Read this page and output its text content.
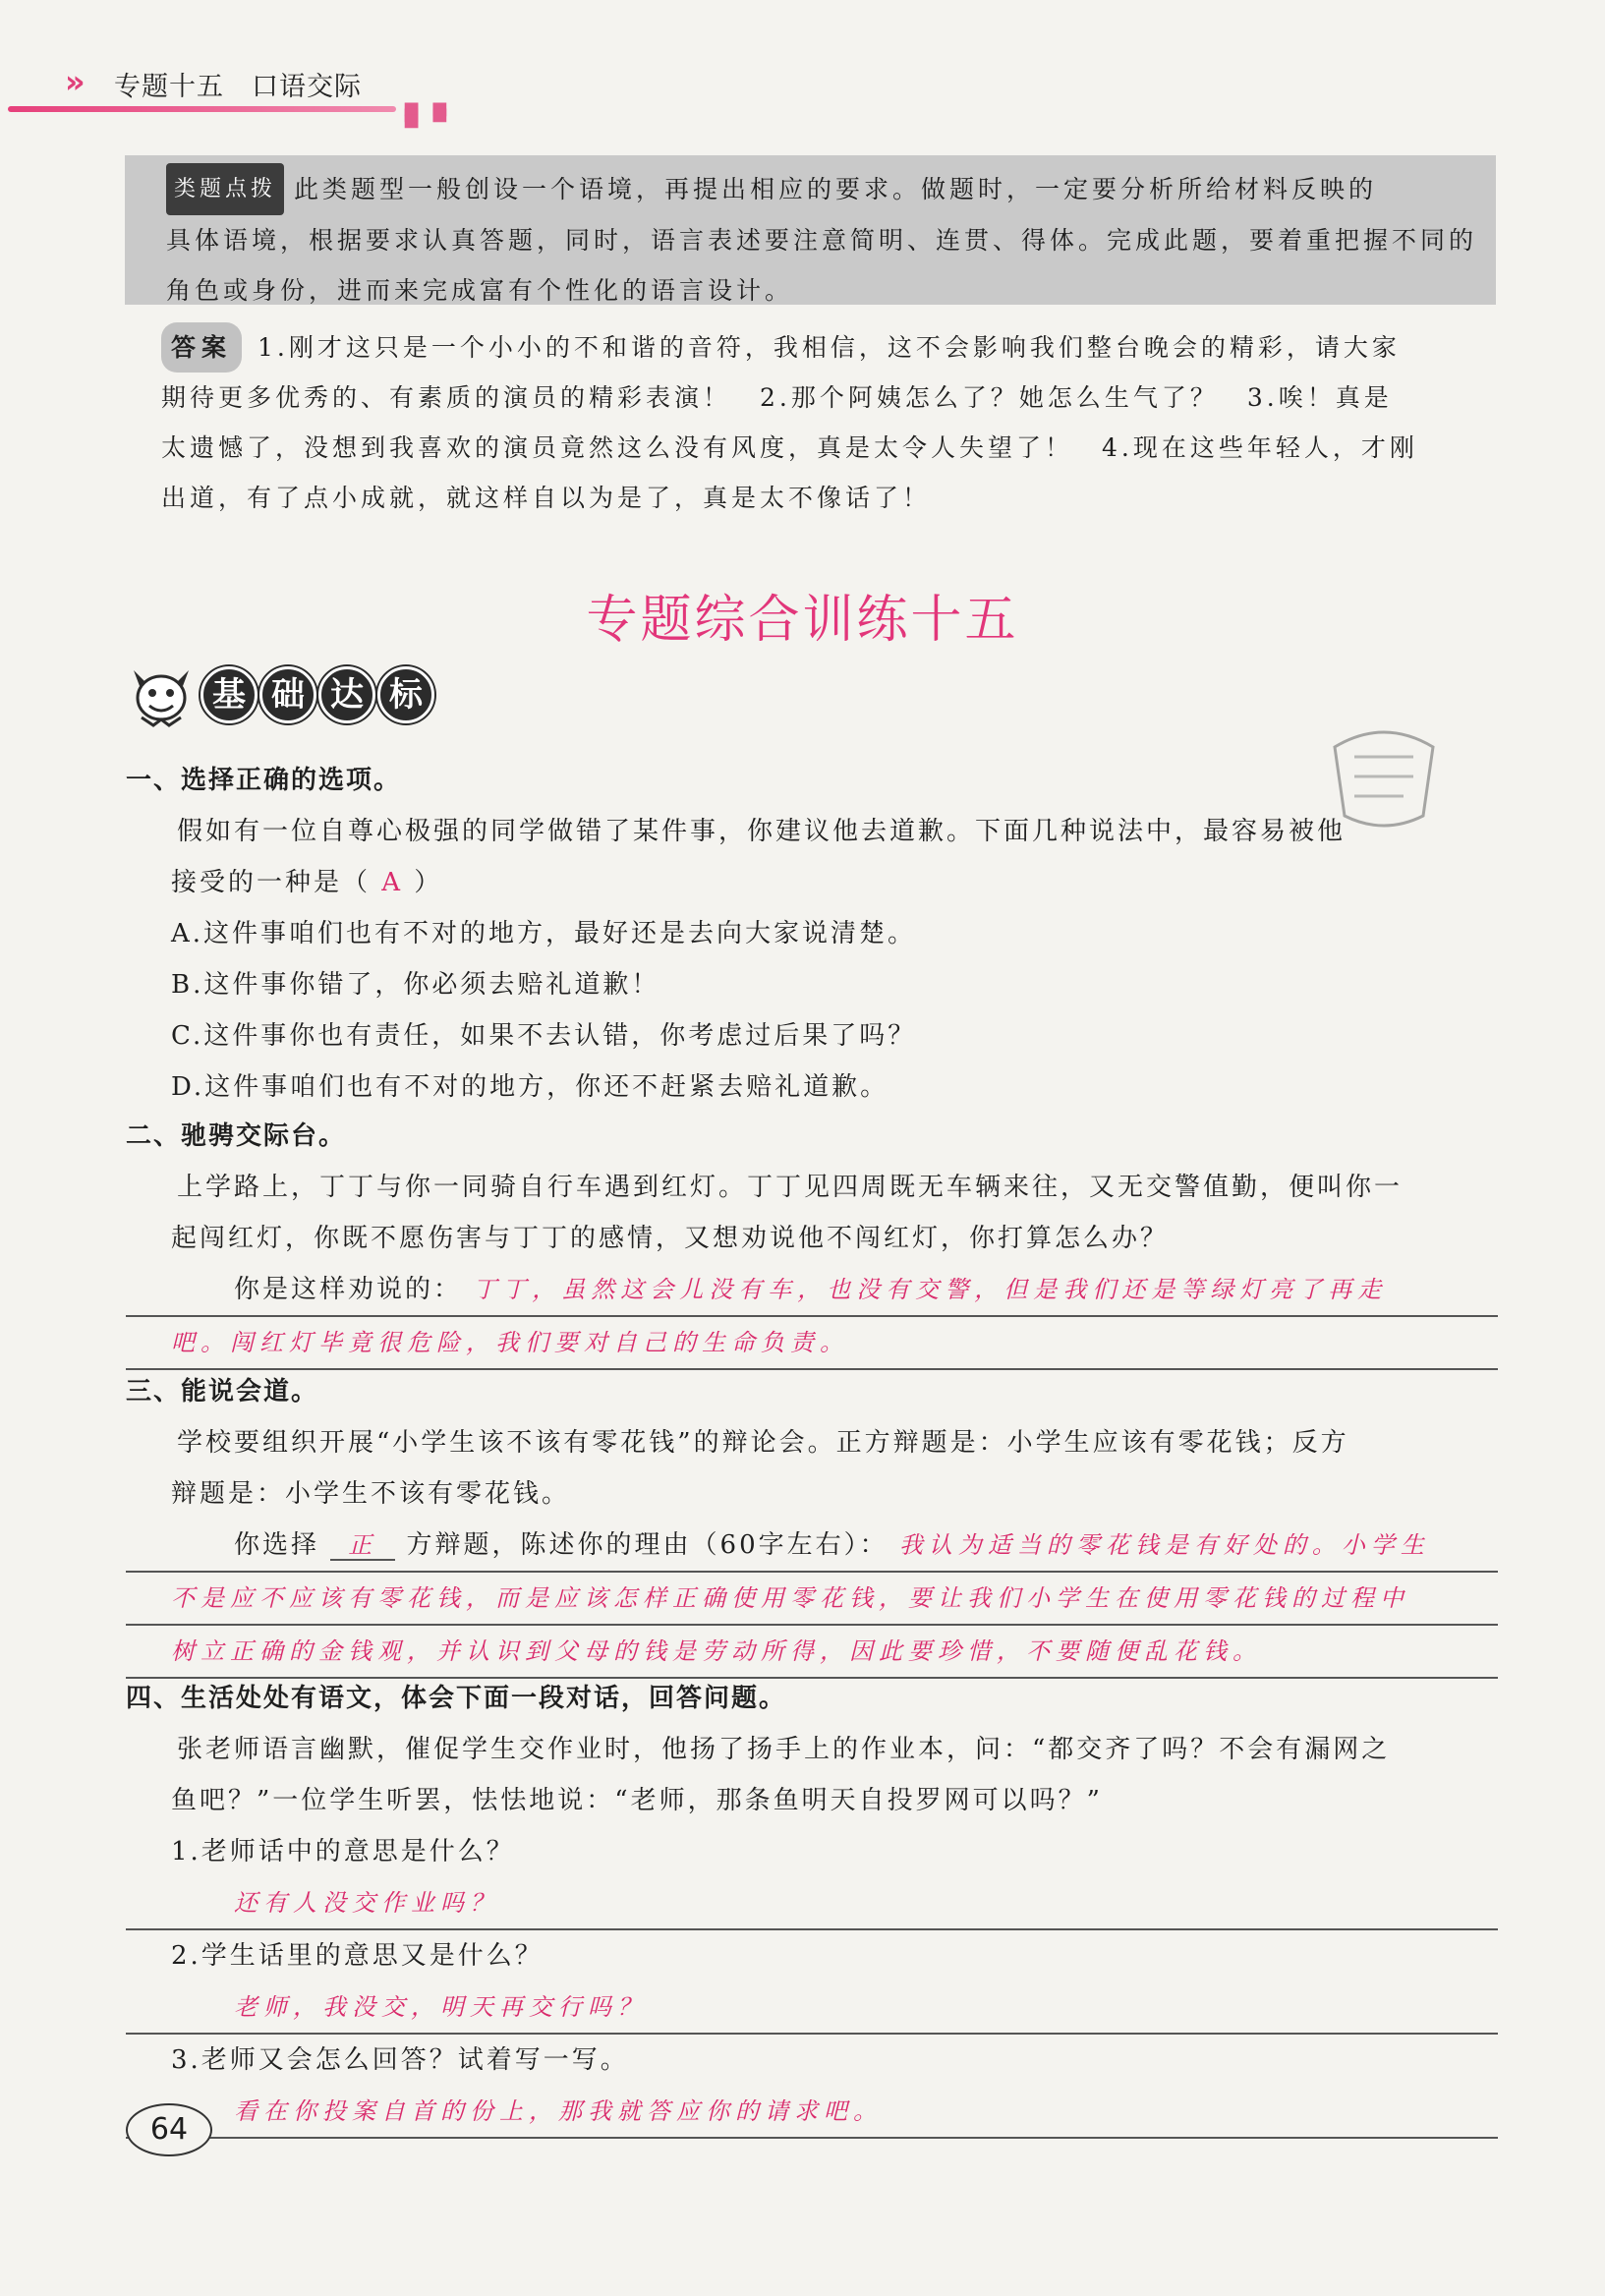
» 专题十五　口语交际
■ ■ ■ ■ ■
类题点拨 此类题型一般创设一个语境，再提出相应的要求。做题时，一定要分析所给材料反映的
具体语境，根据要求认真答题，同时，语言表述要注意简明、连贯、得体。完成此题，要着重把握不同的
角色或身份，进而来完成富有个性化的语言设计。
答案 1.刚才这只是一个小小的不和谐的音符，我相信，这不会影响我们整台晚会的精彩，请大家
期待更多优秀的、有素质的演员的精彩表演！　2.那个阿姨怎么了？她怎么生气了？　3.唉！真是
太遗憾了，没想到我喜欢的演员竟然这么没有风度，真是太令人失望了！　4.现在这些年轻人，才刚
出道，有了点小成就，就这样自以为是了，真是太不像话了！
专题综合训练十五
基 础 达 标
一、选择正确的选项。
假如有一位自尊心极强的同学做错了某件事，你建议他去道歉。下面几种说法中，最容易被他
接受的一种是（ A ）
A.这件事咱们也有不对的地方，最好还是去向大家说清楚。
B.这件事你错了，你必须去赔礼道歉！
C.这件事你也有责任，如果不去认错，你考虑过后果了吗？
D.这件事咱们也有不对的地方，你还不赶紧去赔礼道歉。
二、驰骋交际台。
上学路上，丁丁与你一同骑自行车遇到红灯。丁丁见四周既无车辆来往，又无交警值勤，便叫你一
起闯红灯，你既不愿伤害与丁丁的感情，又想劝说他不闯红灯，你打算怎么办？
你是这样劝说的： 丁丁，虽然这会儿没有车，也没有交警，但是我们还是等绿灯亮了再走
吧。闯红灯毕竟很危险，我们要对自己的生命负责。
三、能说会道。
学校要组织开展“小学生该不该有零花钱”的辩论会。正方辩题是：小学生应该有零花钱；反方
辩题是：小学生不该有零花钱。
你选择 正 方辩题，陈述你的理由（60字左右）： 我认为适当的零花钱是有好处的。小学生
不是应不应该有零花钱，而是应该怎样正确使用零花钱，要让我们小学生在使用零花钱的过程中
树立正确的金钱观，并认识到父母的钱是劳动所得，因此要珍惜，不要随便乱花钱。
四、生活处处有语文，体会下面一段对话，回答问题。
张老师语言幽默，催促学生交作业时，他扬了扬手上的作业本，问：“都交齐了吗？不会有漏网之
鱼吧？”一位学生听罢，怯怯地说：“老师，那条鱼明天自投罗网可以吗？”
1.老师话中的意思是什么？
还有人没交作业吗？
2.学生话里的意思又是什么？
老师，我没交，明天再交行吗？
3.老师又会怎么回答？试着写一写。
看在你投案自首的份上，那我就答应你的请求吧。
64
